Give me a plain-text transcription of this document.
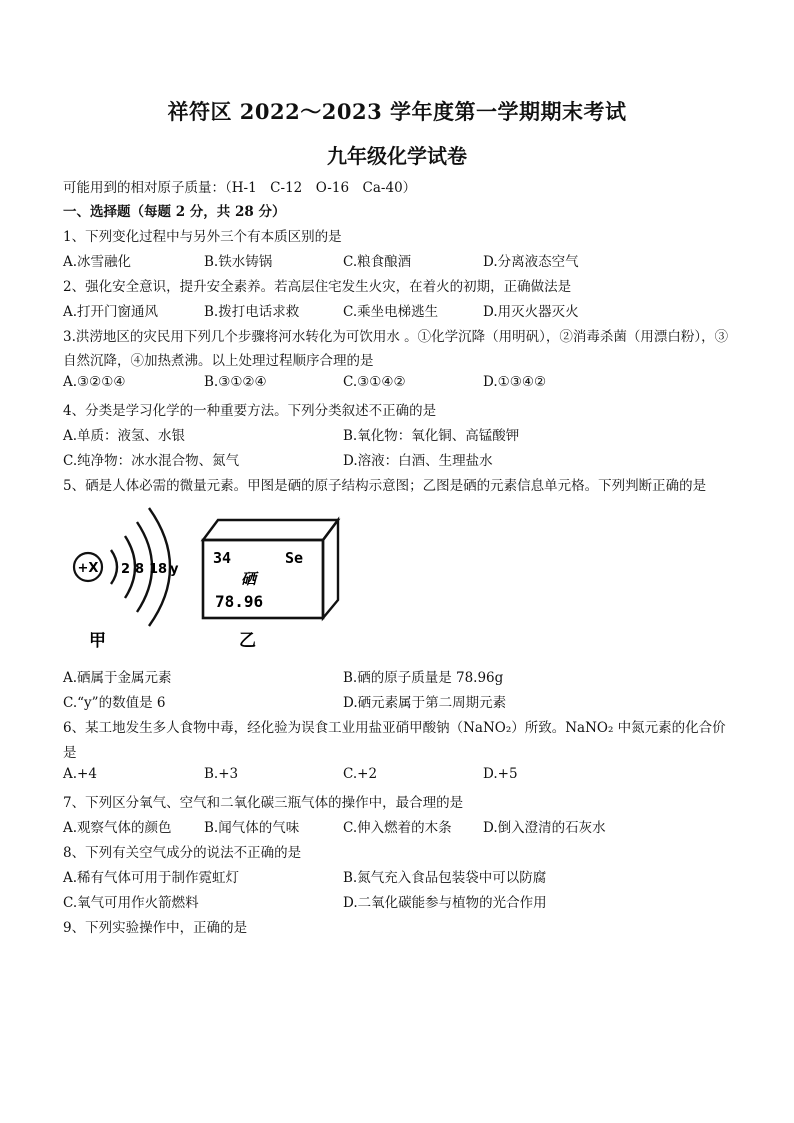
祥符区 2022～2023 学年度第一学期期末考试
九年级化学试卷
可能用到的相对原子质量：（H-1　C-12　O-16　Ca-40）
一、选择题（每题 2 分，共 28 分）
1、下列变化过程中与另外三个有本质区别的是
A.冰雪融化	B.铁水铸锅	C.粮食酿酒	D.分离液态空气
2、强化安全意识，提升安全素养。若高层住宅发生火灾，在着火的初期，正确做法是
A.打开门窗通风	B.拨打电话求救	C.乘坐电梯逃生	D.用灭火器灭火
3.洪涝地区的灾民用下列几个步骤将河水转化为可饮用水 。①化学沉降（用明矾），②消毒杀菌（用漂白粉），③
自然沉降，④加热煮沸。以上处理过程顺序合理的是
A.③②①④	B.③①②④	C.③①④②	D.①③④②
4、分类是学习化学的一种重要方法。下列分类叙述不正确的是
A.单质：液氢、水银	B.氧化物：氧化铜、高锰酸钾
C.纯净物：冰水混合物、氮气	D.溶液：白酒、生理盐水
5、硒是人体必需的微量元素。甲图是硒的原子结构示意图；乙图是硒的元素信息单元格。下列判断正确的是
+X 2 8 18 y
甲
34	Se
硒
78.96
乙
A.硒属于金属元素	B.硒的原子质量是 78.96g
C.“y”的数值是 6	D.硒元素属于第二周期元素
6、某工地发生多人食物中毒，经化验为误食工业用盐亚硝甲酸钠（NaNO₂）所致。NaNO₂ 中氮元素的化合价
是
A.+4	B.+3	C.+2	D.+5
7、下列区分氧气、空气和二氧化碳三瓶气体的操作中，最合理的是
A.观察气体的颜色 B.闻气体的气味	C.伸入燃着的木条 D.倒入澄清的石灰水
8、下列有关空气成分的说法不正确的是
A.稀有气体可用于制作霓虹灯	B.氮气充入食品包装袋中可以防腐
C.氧气可用作火箭燃料	D.二氧化碳能参与植物的光合作用
9、下列实验操作中，正确的是
